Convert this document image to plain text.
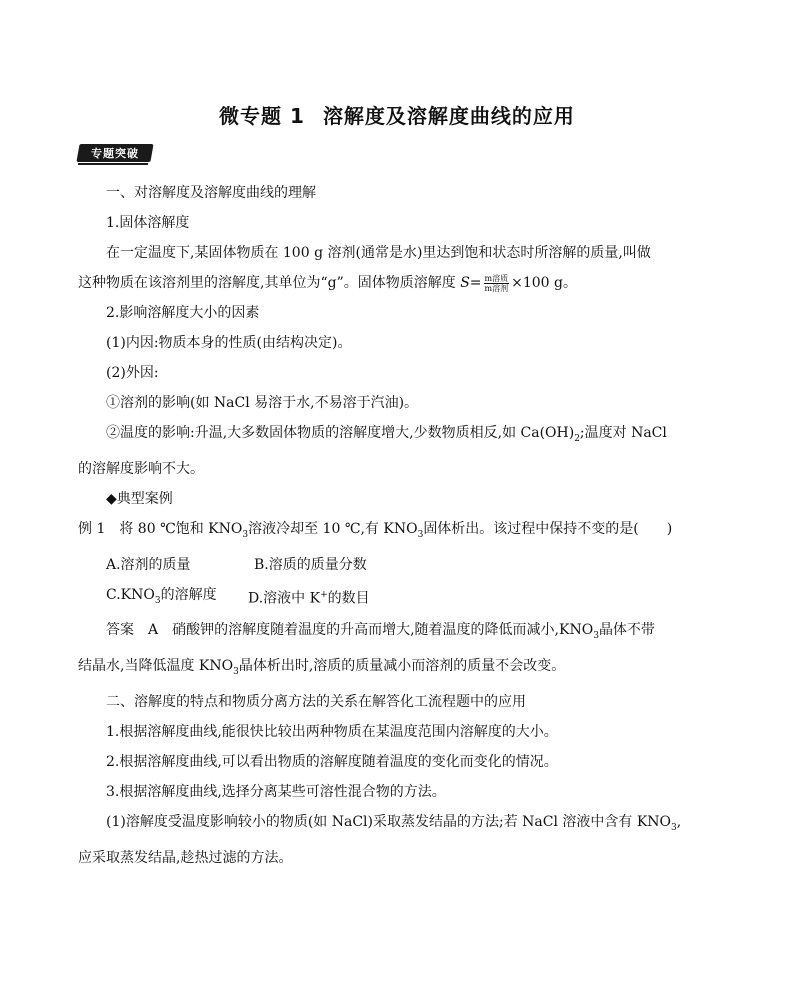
微专题 1 溶解度及溶解度曲线的应用
专题突破

一、对溶解度及溶解度曲线的理解

1.固体溶解度

在一定温度下,某固体物质在 100 g 溶剂(通常是水)里达到饱和状态时所溶解的质量,叫做

这种物质在该溶剂里的溶解度,其单位为“g”。固体物质溶解度 $S= \frac{\text{m溶质}}{\text{m溶剂}} \times 100$ g。

2.影响溶解度大小的因素

(1)内因:物质本身的性质(由结构决定)。

(2)外因:

①溶剂的影响(如 NaCl 易溶于水,不易溶于汽油)。

②温度的影响:升温,大多数固体物质的溶解度增大,少数物质相反,如 $Ca(OH)_2$;温度对 NaCl

的溶解度影响不大。

◆典型案例

例 1　将 80 ℃饱和 $KNO_3$溶液冷却至 10 ℃,有 $KNO_3$固体析出。该过程中保持不变的是(　　)

A.溶剂的质量	B.溶质的质量分数
$C.KNO_3$的溶解度	D.溶液中 K+的数目

答案　A　硝酸钾的溶解度随着温度的升高而增大,随着温度的降低而减小$,KNO_3$晶体不带

结晶水,当降低温度 $KNO_3$晶体析出时,溶质的质量减小而溶剂的质量不会改变。

二、溶解度的特点和物质分离方法的关系在解答化工流程题中的应用

1.根据溶解度曲线,能很快比较出两种物质在某温度范围内溶解度的大小。

2.根据溶解度曲线,可以看出物质的溶解度随着温度的变化而变化的情况。

3.根据溶解度曲线,选择分离某些可溶性混合物的方法。

(1)溶解度受温度影响较小的物质(如 NaCl)采取蒸发结晶的方法;若 NaCl 溶液中含有 $KNO_3$,

应采取蒸发结晶,趁热过滤的方法。
